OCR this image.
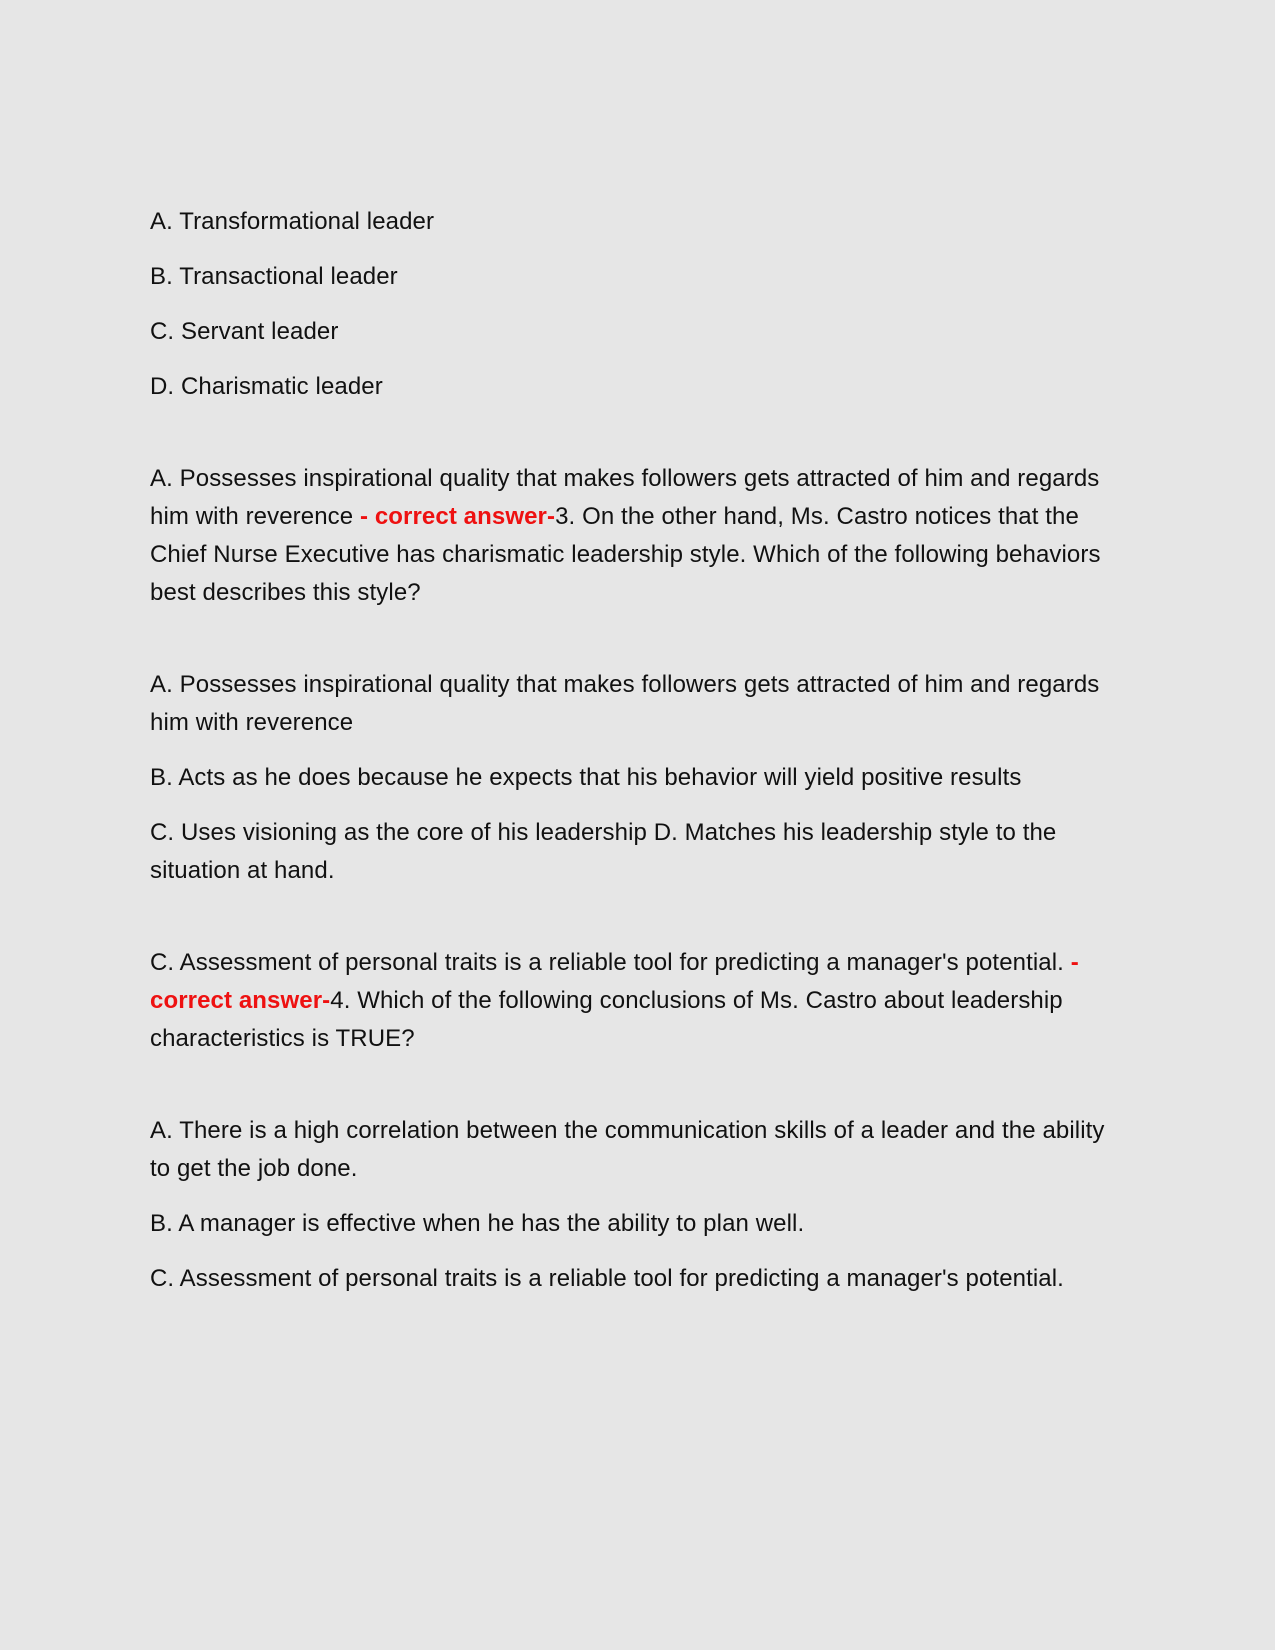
A. Transformational leader

B. Transactional leader

C. Servant leader

D. Charismatic leader

A. Possesses inspirational quality that makes followers gets attracted of him and regards him with reverence - correct answer-3. On the other hand, Ms. Castro notices that the Chief Nurse Executive has charismatic leadership style. Which of the following behaviors best describes this style?

A. Possesses inspirational quality that makes followers gets attracted of him and regards him with reverence

B. Acts as he does because he expects that his behavior will yield positive results

C. Uses visioning as the core of his leadership D. Matches his leadership style to the situation at hand.

C. Assessment of personal traits is a reliable tool for predicting a manager's potential. - correct answer-4. Which of the following conclusions of Ms. Castro about leadership characteristics is TRUE?

A. There is a high correlation between the communication skills of a leader and the ability to get the job done.

B. A manager is effective when he has the ability to plan well.

C. Assessment of personal traits is a reliable tool for predicting a manager's potential.
